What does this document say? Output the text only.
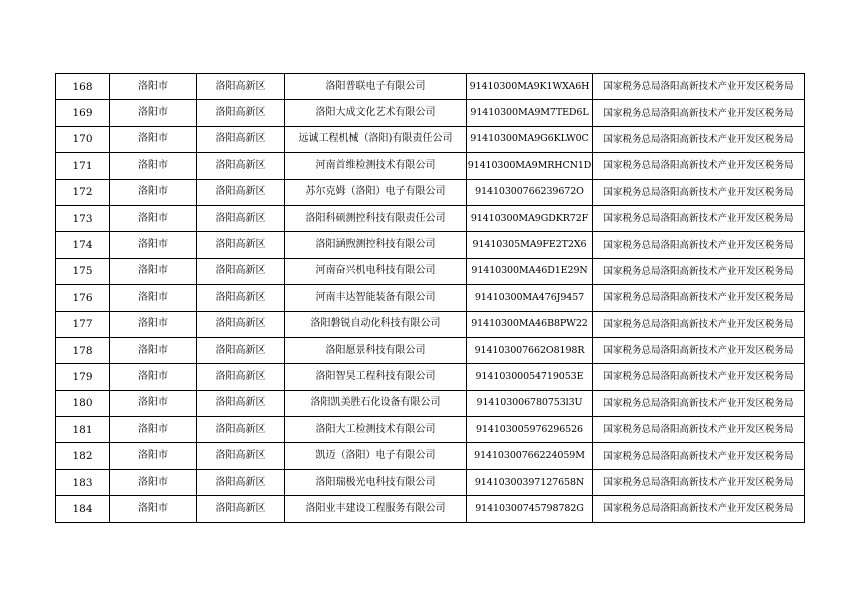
168	洛阳市	洛阳高新区	洛阳普联电子有限公司	91410300MA9K1WXA6H	国家税务总局洛阳高新技术产业开发区税务局
169	洛阳市	洛阳高新区	洛阳大成文化艺术有限公司	91410300MA9M7TED6L	国家税务总局洛阳高新技术产业开发区税务局
170	洛阳市	洛阳高新区	远诚工程机械（洛阳)有限责任公司	91410300MA9G6KLW0C	国家税务总局洛阳高新技术产业开发区税务局
171	洛阳市	洛阳高新区	河南首维检测技术有限公司	91410300MA9MRHCN1D	国家税务总局洛阳高新技术产业开发区税务局
172	洛阳市	洛阳高新区	苏尔克姆（洛阳）电子有限公司	91410300766239672O	国家税务总局洛阳高新技术产业开发区税务局
173	洛阳市	洛阳高新区	洛阳科硕测控科技有限责任公司	91410300MA9GDKR72F	国家税务总局洛阳高新技术产业开发区税务局
174	洛阳市	洛阳高新区	洛阳涵煦测控科技有限公司	91410305MA9FE2T2X6	国家税务总局洛阳高新技术产业开发区税务局
175	洛阳市	洛阳高新区	河南奋兴机电科技有限公司	91410300MA46D1E29N	国家税务总局洛阳高新技术产业开发区税务局
176	洛阳市	洛阳高新区	河南丰达智能装备有限公司	91410300MA476J9457	国家税务总局洛阳高新技术产业开发区税务局
177	洛阳市	洛阳高新区	洛阳磐锐自动化科技有限公司	91410300MA46B8PW22	国家税务总局洛阳高新技术产业开发区税务局
178	洛阳市	洛阳高新区	洛阳愿景科技有限公司	914103007662O8198R	国家税务总局洛阳高新技术产业开发区税务局
179	洛阳市	洛阳高新区	洛阳智昊工程科技有限公司	91410300054719053E	国家税务总局洛阳高新技术产业开发区税务局
180	洛阳市	洛阳高新区	洛阳凯美胜石化设备有限公司	914103006780753l3U	国家税务总局洛阳高新技术产业开发区税务局
181	洛阳市	洛阳高新区	洛阳大工检测技术有限公司	914103005976296526	国家税务总局洛阳高新技术产业开发区税务局
182	洛阳市	洛阳高新区	凯迈（洛阳）电子有限公司	91410300766224059M	国家税务总局洛阳高新技术产业开发区税务局
183	洛阳市	洛阳高新区	洛阳瑞极光电科技有限公司	91410300397127658N	国家税务总局洛阳高新技术产业开发区税务局
184	洛阳市	洛阳高新区	洛阳业丰建设工程服务有限公司	91410300745798782G	国家税务总局洛阳高新技术产业开发区税务局
